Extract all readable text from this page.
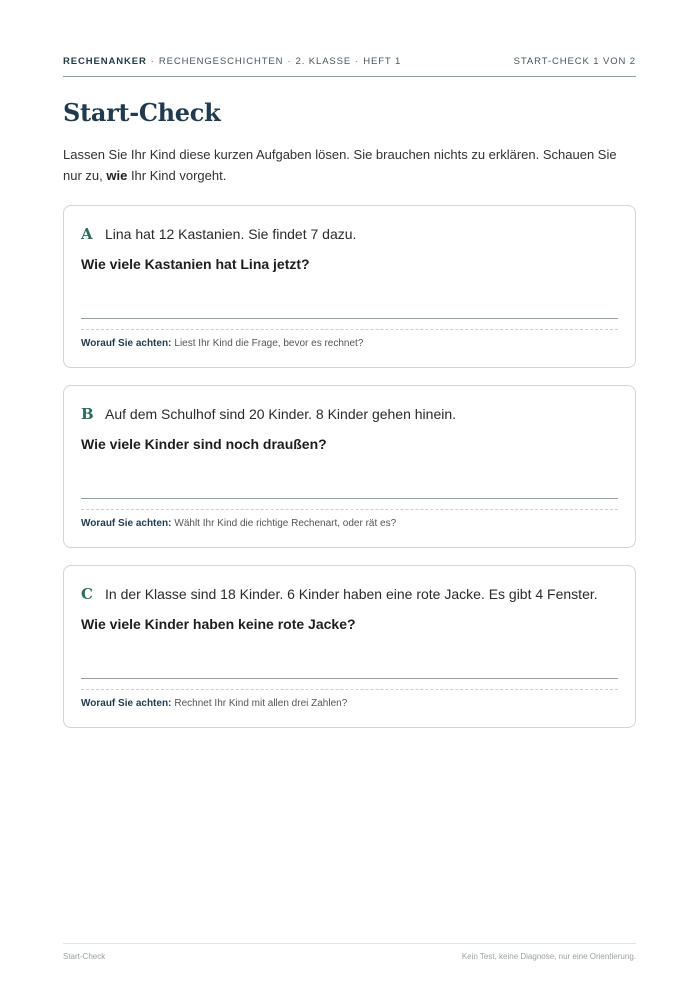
RECHENANKER · RECHENGESCHICHTEN · 2. KLASSE · HEFT 1	START-CHECK 1 VON 2
Start-Check

Lassen Sie Ihr Kind diese kurzen Aufgaben lösen. Sie brauchen nichts zu erklären. Schauen Sie nur zu, wie Ihr Kind vorgeht.

A Lina hat 12 Kastanien. Sie findet 7 dazu.
Wie viele Kastanien hat Lina jetzt?
Worauf Sie achten: Liest Ihr Kind die Frage, bevor es rechnet?
B Auf dem Schulhof sind 20 Kinder. 8 Kinder gehen hinein.
Wie viele Kinder sind noch draußen?
Worauf Sie achten: Wählt Ihr Kind die richtige Rechenart, oder rät es?
C In der Klasse sind 18 Kinder. 6 Kinder haben eine rote Jacke. Es gibt 4 Fenster.
Wie viele Kinder haben keine rote Jacke?
Worauf Sie achten: Rechnet Ihr Kind mit allen drei Zahlen?
Start-Check	Kein Test, keine Diagnose, nur eine Orientierung.
